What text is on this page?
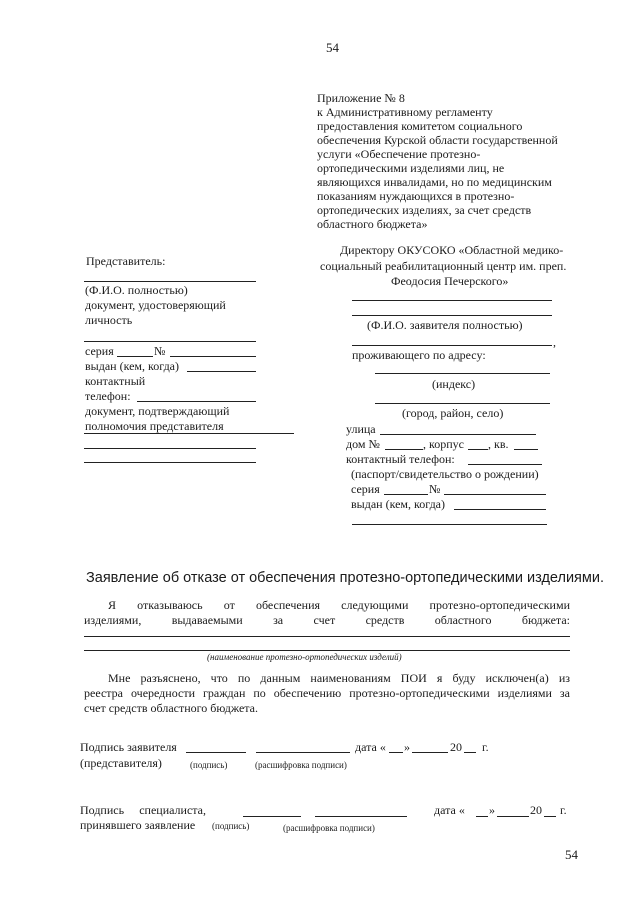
54
54
Приложение № 8
к Административному регламенту
предоставления комитетом социального
обеспечения Курской области государственной
услуги «Обеспечение протезно-
ортопедическими изделиями лиц, не
являющихся инвалидами, но по медицинским
показаниям нуждающихся в протезно-
ортопедических изделиях, за счет средств
областного бюджета»
Директору ОКУСОКО «Областной медико-
социальный реабилитационный центр им. преп.
Феодосия Печерского»
(Ф.И.О. заявителя полностью)
,
проживающего по адресу:
(индекс)
(город, район, село)
улица
дом №	, корпус , кв.
контактный телефон:
(паспорт/свидетельство о рождении)
серия	№
выдан (кем, когда)
Представитель:
(Ф.И.О. полностью)
документ, удостоверяющий
личность
серия	№
выдан (кем, когда)
контактный
телефон:
документ, подтверждающий
полномочия представителя
Заявление об отказе от обеспечения протезно-ортопедическими изделиями.
Я отказываюсь от обеспечения следующими протезно-ортопедическими
изделиями, выдаваемыми за счет средств областного бюджета:
(наименование протезно-ортопедических изделий)
Мне разъяснено, что по данным наименованиям ПОИ я буду исключен(а) из
реестра очередности граждан по обеспечению протезно-ортопедическими изделиями за
счет средств областного бюджета.
Подпись заявителя	дата « »	20 г.
(представителя)	(подпись)	(расшифровка подписи)
Подпись специалиста,	дата « »	20 г.
принявшего заявление (подпись)	(расшифровка подписи)
